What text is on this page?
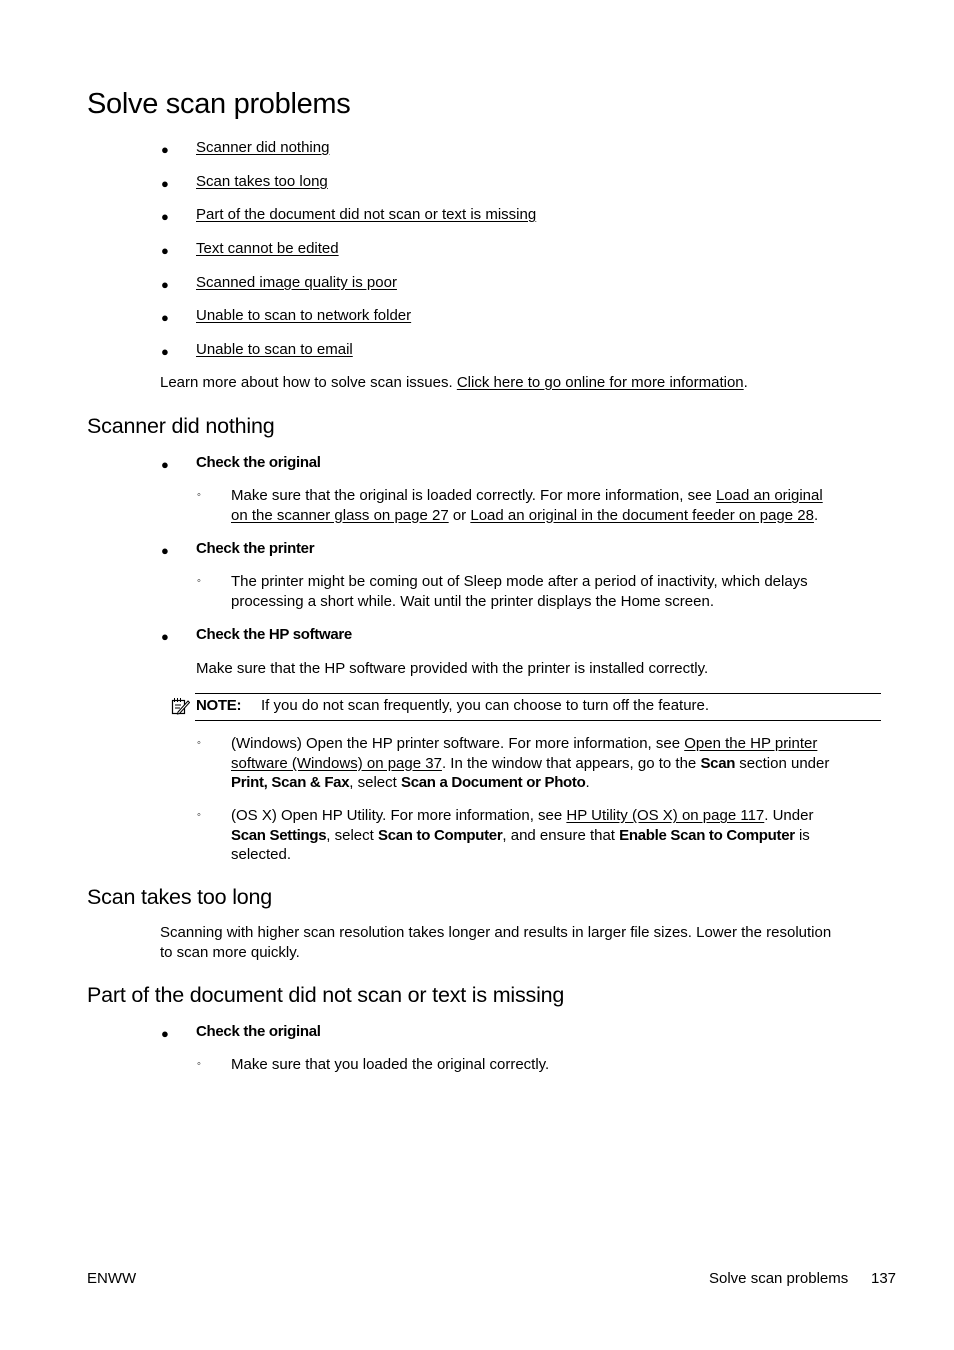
Solve scan problems
● Scanner did nothing
● Scan takes too long
● Part of the document did not scan or text is missing
● Text cannot be edited
● Scanned image quality is poor
● Unable to scan to network folder
● Unable to scan to email
Learn more about how to solve scan issues. Click here to go online for more information.
Scanner did nothing
● Check the original
◦ Make sure that the original is loaded correctly. For more information, see Load an original
on the scanner glass on page 27 or Load an original in the document feeder on page 28.
● Check the printer
◦ The printer might be coming out of Sleep mode after a period of inactivity, which delays
processing a short while. Wait until the printer displays the Home screen.
● Check the HP software
Make sure that the HP software provided with the printer is installed correctly.
NOTE: If you do not scan frequently, you can choose to turn off the feature.
◦ (Windows) Open the HP printer software. For more information, see Open the HP printer
software (Windows) on page 37. In the window that appears, go to the Scan section under
Print, Scan & Fax, select Scan a Document or Photo.
◦ (OS X) Open HP Utility. For more information, see HP Utility (OS X) on page 117. Under
Scan Settings, select Scan to Computer, and ensure that Enable Scan to Computer is
selected.
Scan takes too long
Scanning with higher scan resolution takes longer and results in larger file sizes. Lower the resolution
to scan more quickly.
Part of the document did not scan or text is missing
● Check the original
◦ Make sure that you loaded the original correctly.
ENWW	Solve scan problems 137
